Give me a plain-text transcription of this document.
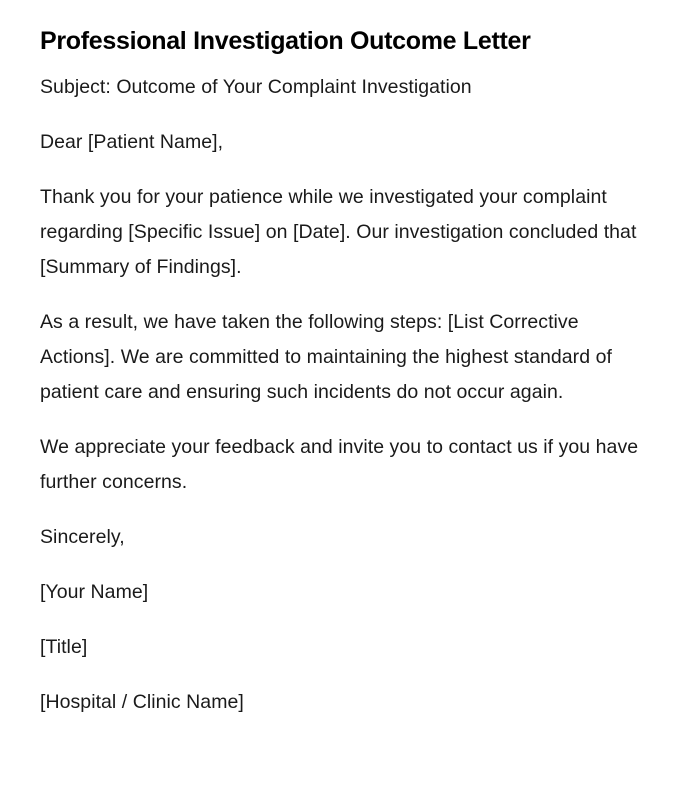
Professional Investigation Outcome Letter

Subject: Outcome of Your Complaint Investigation

Dear [Patient Name],

Thank you for your patience while we investigated your complaint regarding [Specific Issue] on [Date]. Our investigation concluded that [Summary of Findings].

As a result, we have taken the following steps: [List Corrective Actions]. We are committed to maintaining the highest standard of patient care and ensuring such incidents do not occur again.

We appreciate your feedback and invite you to contact us if you have further concerns.

Sincerely,

[Your Name]

[Title]

[Hospital / Clinic Name]
